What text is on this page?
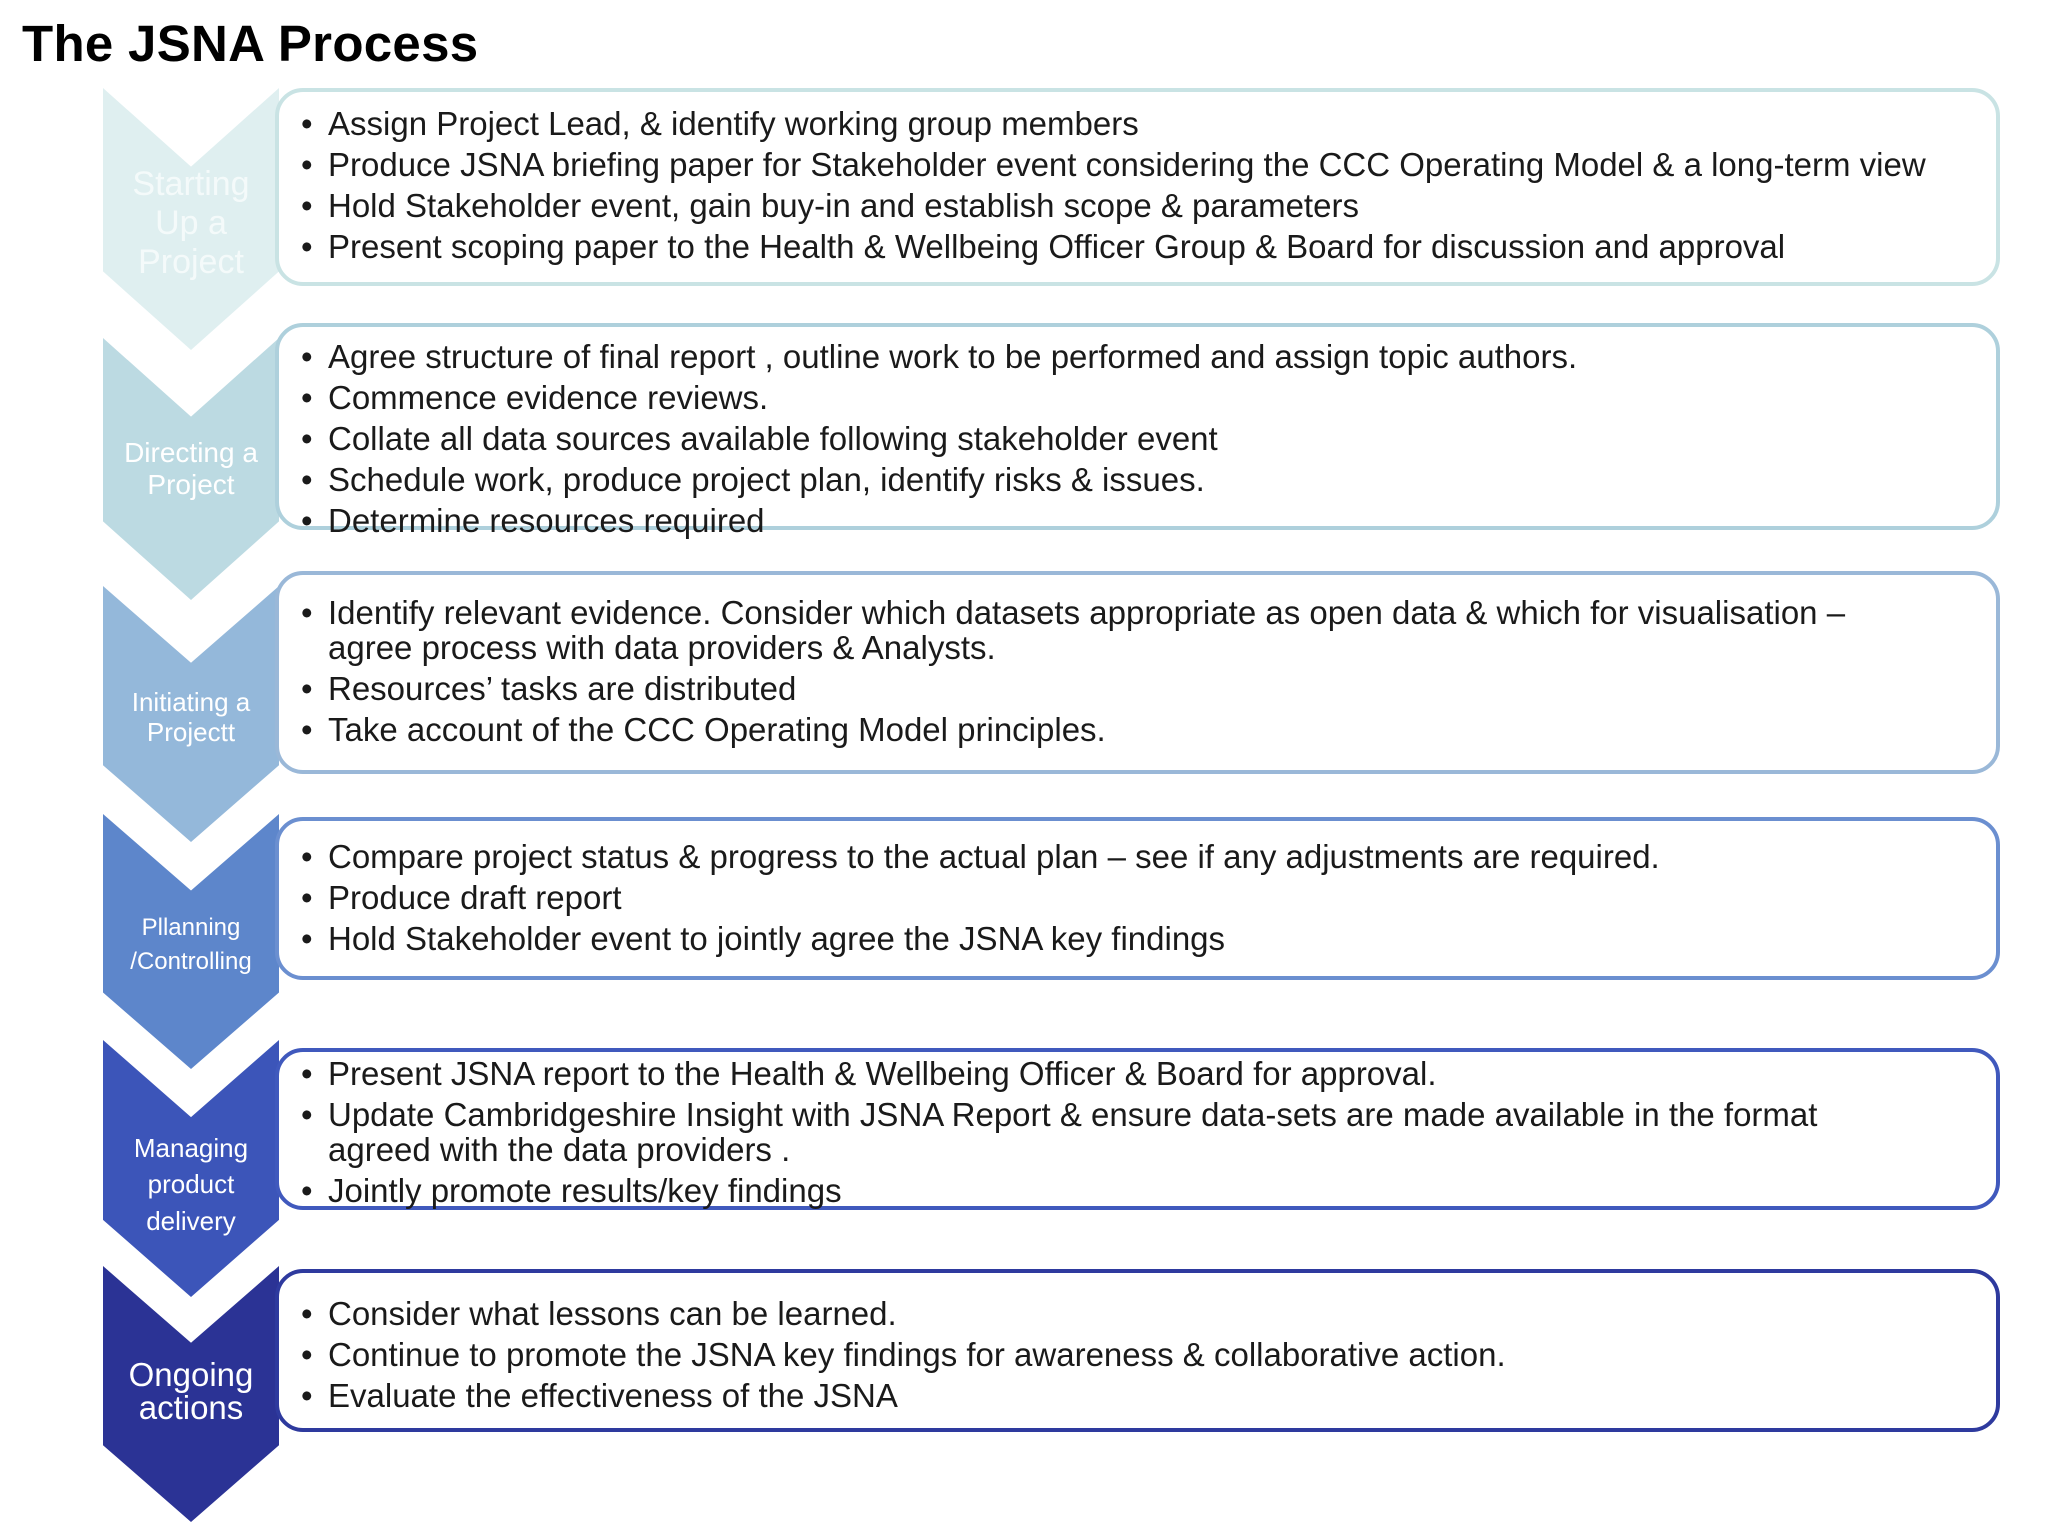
The JSNA Process
Starting
Up a
Project
• Assign Project Lead, & identify working group members
• Produce JSNA briefing paper for Stakeholder event considering the CCC Operating Model & a long-term view
• Hold Stakeholder event, gain buy-in and establish scope & parameters
• Present scoping paper to the Health & Wellbeing Officer Group & Board for discussion and approval
Directing a
Project
• Agree structure of final report , outline work to be performed and assign topic authors.
• Commence evidence reviews.
• Collate all data sources available following stakeholder event
• Schedule work, produce project plan, identify risks & issues.
• Determine resources required
Initiating a
Projectt
• Identify relevant evidence. Consider which datasets appropriate as open data & which for visualisation – agree process with data providers & Analysts.
• Resources’ tasks are distributed
• Take account of the CCC Operating Model principles.
Pllanning
/Controlling
• Compare project status & progress to the actual plan – see if any adjustments are required.
• Produce draft report
• Hold Stakeholder event to jointly agree the JSNA key findings
Managing
product
delivery
• Present JSNA report to the Health & Wellbeing Officer & Board for approval.
• Update Cambridgeshire Insight with JSNA Report & ensure data-sets are made available in the format agreed with the data providers .
• Jointly promote results/key findings
Ongoing
actions
• Consider what lessons can be learned.
• Continue to promote the JSNA key findings for awareness & collaborative action.
• Evaluate the effectiveness of the JSNA
